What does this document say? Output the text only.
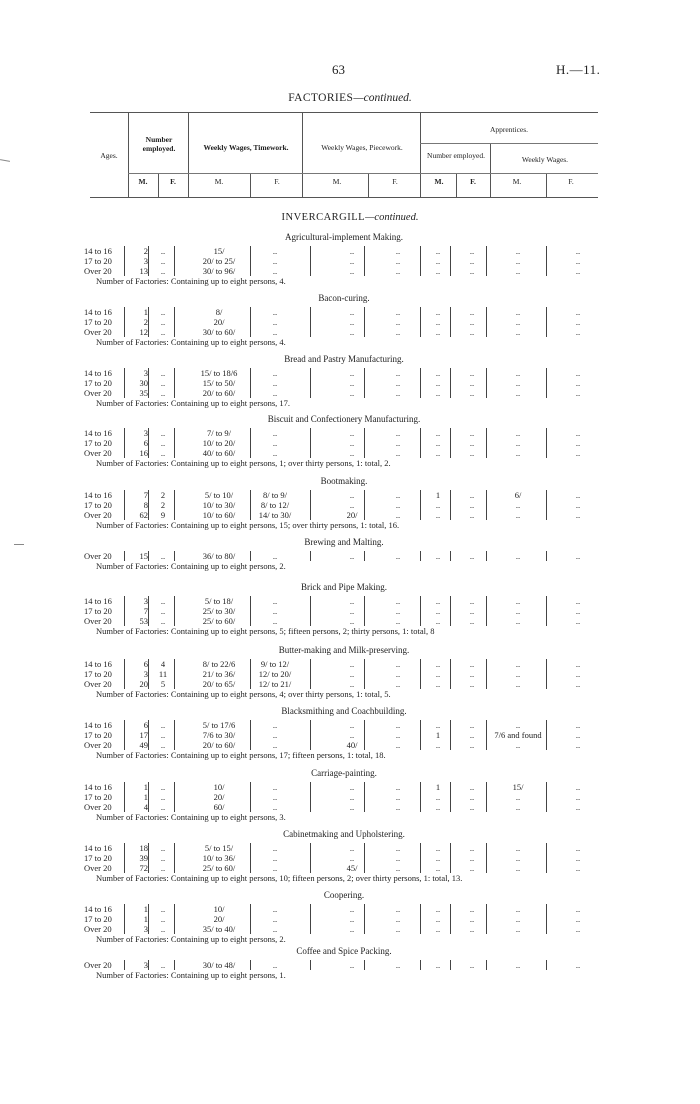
63	H.—11.
FACTORIES—continued.
Ages.
Number employed.	Weekly Wages, Timework.	Weekly Wages, Piecework.
Apprentices.
Number employed.	Weekly Wages.
M.	F.	M.	F.	M.	F.	M.	F.	M.	F.
INVERCARGILL—continued.
Agricultural-implement Making.
14 to 16	2	..	15/	..	..	..	..	..	..	..
17 to 20	3	..	20/ to 25/	..	..	..	..	..	..	..
Over 20	13	..	30/ to 96/	..	..	..	..	..	..	..
Number of Factories: Containing up to eight persons, 4.
Bacon-curing.
14 to 16	1	..	8/	..	..	..	..	..	..	..
17 to 20	2	..	20/	..	..	..	..	..	..	..
Over 20	12	..	30/ to 60/	..	..	..	..	..	..	..
Number of Factories: Containing up to eight persons, 4.
Bread and Pastry Manufacturing.
14 to 16	3	..	15/ to 18/6	..	..	..	..	..	..	..
17 to 20	30	..	15/ to 50/	..	..	..	..	..	..	..
Over 20	35	..	20/ to 60/	..	..	..	..	..	..	..
Number of Factories: Containing up to eight persons, 17.
Biscuit and Confectionery Manufacturing.
14 to 16	3	..	7/ to 9/	..	..	..	..	..	..	..
17 to 20	6	..	10/ to 20/	..	..	..	..	..	..	..
Over 20	16	..	40/ to 60/	..	..	..	..	..	..	..
Number of Factories: Containing up to eight persons, 1; over thirty persons, 1: total, 2.
Bootmaking.
14 to 16	7	2	5/ to 10/	8/ to 9/	..	..	1	..	6/	..
17 to 20	8	2	10/ to 30/	8/ to 12/	..	..	..	..	..	..
Over 20	62	9	10/ to 60/	14/ to 30/	20/	..	..	..	..	..
Number of Factories: Containing up to eight persons, 15; over thirty persons, 1: total, 16.
Brewing and Malting.
Over 20	15	..	36/ to 80/	..	..	..	..	..	..	..
Number of Factories: Containing up to eight persons, 2.
Brick and Pipe Making.
14 to 16	3	..	5/ to 18/	..	..	..	..	..	..	..
17 to 20	7	..	25/ to 30/	..	..	..	..	..	..	..
Over 20	53	..	25/ to 60/	..	..	..	..	..	..	..
Number of Factories: Containing up to eight persons, 5; fifteen persons, 2; thirty persons, 1: total, 8
Butter-making and Milk-preserving.
14 to 16	6	4	8/ to 22/6	9/ to 12/	..	..	..	..	..	..
17 to 20	3	11	21/ to 36/	12/ to 20/	..	..	..	..	..	..
Over 20	20	5	20/ to 65/	12/ to 21/	..	..	..	..	..	..
Number of Factories: Containing up to eight persons, 4; over thirty persons, 1: total, 5.
Blacksmithing and Coachbuilding.
14 to 16	6	..	5/ to 17/6	..	..	..	..	..	..	..
17 to 20	17	..	7/6 to 30/	..	..	..	1	..	7/6 and found	..
Over 20	49	..	20/ to 60/	..	40/	..	..	..	..	..
Number of Factories: Containing up to eight persons, 17; fifteen persons, 1: total, 18.
Carriage-painting.
14 to 16	1	..	10/	..	..	..	1	..	15/	..
17 to 20	1	..	20/	..	..	..	..	..	..	..
Over 20	4	..	60/	..	..	..	..	..	..	..
Number of Factories: Containing up to eight persons, 3.
Cabinetmaking and Upholstering.
14 to 16	18	..	5/ to 15/	..	..	..	..	..	..	..
17 to 20	39	..	10/ to 36/	..	..	..	..	..	..	..
Over 20	72	..	25/ to 60/	..	45/	..	..	..	..	..
Number of Factories: Containing up to eight persons, 10; fifteen persons, 2; over thirty persons, 1: total, 13.
Coopering.
14 to 16	1	..	10/	..	..	..	..	..	..	..
17 to 20	1	..	20/	..	..	..	..	..	..	..
Over 20	3	..	35/ to 40/	..	..	..	..	..	..	..
Number of Factories: Containing up to eight persons, 2.
Coffee and Spice Packing.
Over 20	3	..	30/ to 48/	..	..	..	..	..	..	..
Number of Factories: Containing up to eight persons, 1.
